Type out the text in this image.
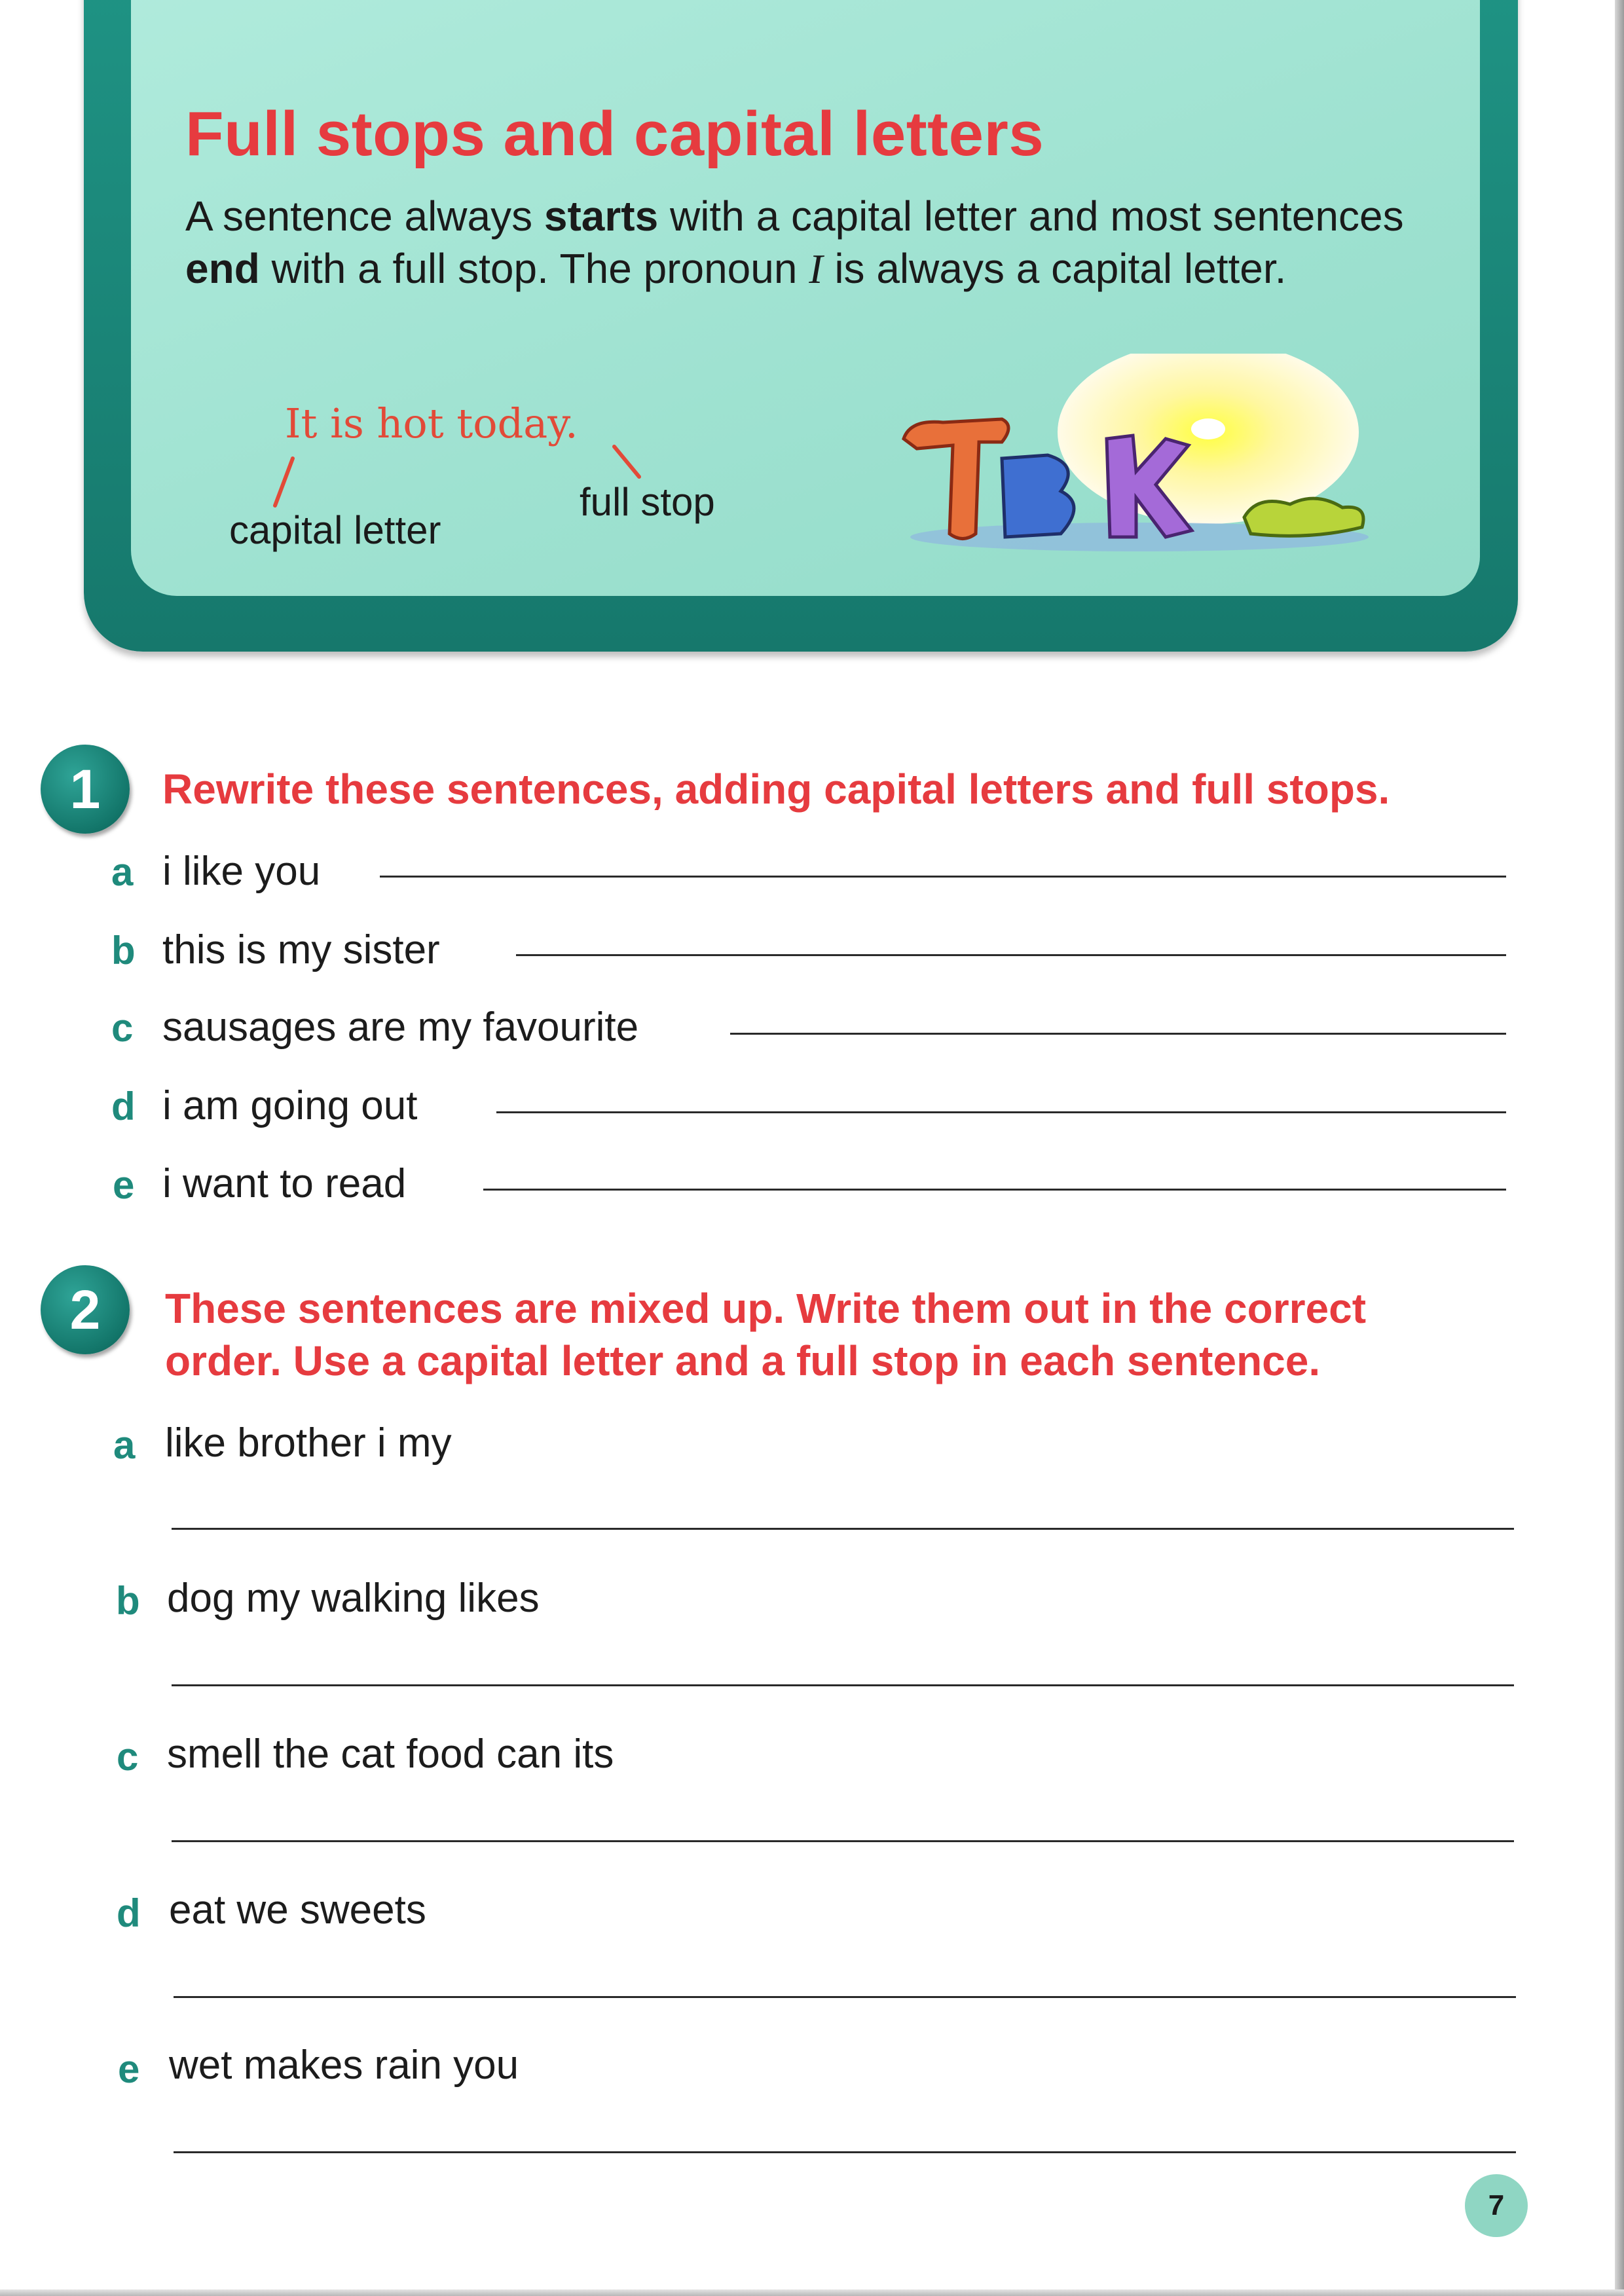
Full stops and capital letters

A sentence always starts with a capital letter and most sentences end with a full stop. The pronoun I is always a capital letter.

It is hot today.

capital letter

full stop

1	Rewrite these sentences, adding capital letters and full stops.

a i like you

b this is my sister

c sausages are my favourite

d i am going out

e i want to read

2	These sentences are mixed up. Write them out in the correct

order. Use a capital letter and a full stop in each sentence.

a like brother i my

b dog my walking likes

c smell the cat food can its

d eat we sweets

e wet makes rain you

7
